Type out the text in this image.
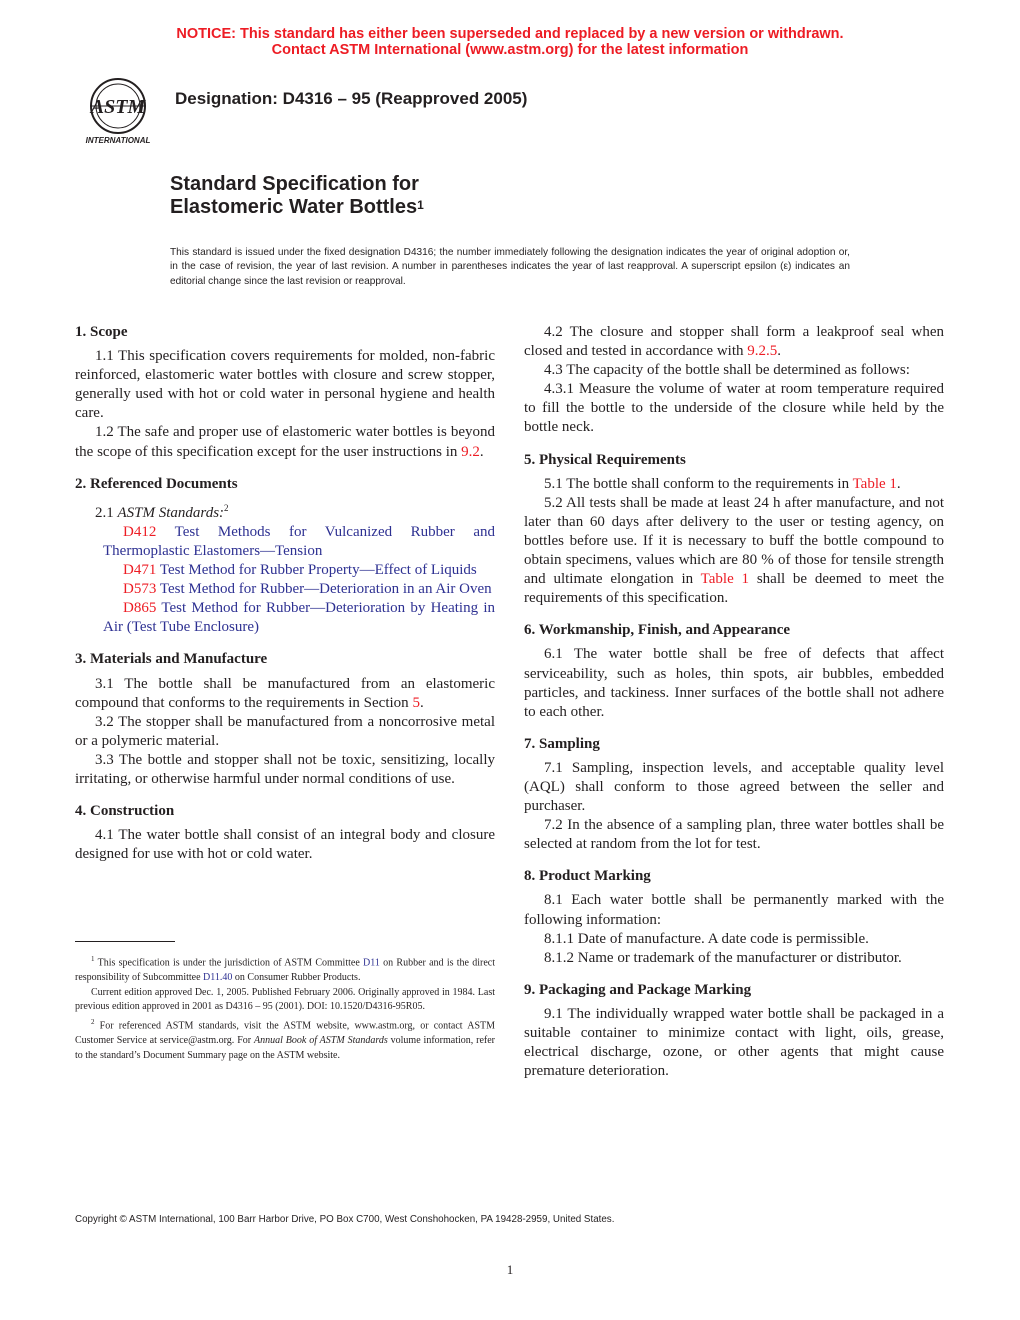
NOTICE: This standard has either been superseded and replaced by a new version or withdrawn.
Contact ASTM International (www.astm.org) for the latest information
ASTM
INTERNATIONAL
Designation: D4316 – 95 (Reapproved 2005)
Standard Specification for
Elastomeric Water Bottles$^1$
This standard is issued under the fixed designation D4316; the number immediately following the designation indicates the year of original adoption or, in the case of revision, the year of last revision. A number in parentheses indicates the year of last reapproval. A superscript epsilon (ε) indicates an editorial change since the last revision or reapproval.

1. Scope

1.1 This specification covers requirements for molded, non-fabric reinforced, elastomeric water bottles with closure and screw stopper, generally used with hot or cold water in personal hygiene and health care.

1.2 The safe and proper use of elastomeric water bottles is beyond the scope of this specification except for the user instructions in 9.2.

2. Referenced Documents

2.1 ASTM Standards:$^2$

D412 Test Methods for Vulcanized Rubber and Thermoplastic Elastomers—Tension

D471 Test Method for Rubber Property—Effect of Liquids

D573 Test Method for Rubber—Deterioration in an Air Oven

D865 Test Method for Rubber—Deterioration by Heating in Air (Test Tube Enclosure)

3. Materials and Manufacture

3.1 The bottle shall be manufactured from an elastomeric compound that conforms to the requirements in Section 5.

3.2 The stopper shall be manufactured from a noncorrosive metal or a polymeric material.

3.3 The bottle and stopper shall not be toxic, sensitizing, locally irritating, or otherwise harmful under normal conditions of use.

4. Construction

4.1 The water bottle shall consist of an integral body and closure designed for use with hot or cold water.

4.2 The closure and stopper shall form a leakproof seal when closed and tested in accordance with 9.2.5.

4.3 The capacity of the bottle shall be determined as follows:

4.3.1 Measure the volume of water at room temperature required to fill the bottle to the underside of the closure while held by the bottle neck.

5. Physical Requirements

5.1 The bottle shall conform to the requirements in Table 1.

5.2 All tests shall be made at least 24 h after manufacture, and not later than 60 days after delivery to the user or testing agency, on bottles before use. If it is necessary to buff the bottle compound to obtain specimens, values which are 80 % of those for tensile strength and ultimate elongation in Table 1 shall be deemed to meet the requirements of this specification.

6. Workmanship, Finish, and Appearance

6.1 The water bottle shall be free of defects that affect serviceability, such as holes, thin spots, air bubbles, embedded particles, and tackiness. Inner surfaces of the bottle shall not adhere to each other.

7. Sampling

7.1 Sampling, inspection levels, and acceptable quality level (AQL) shall conform to those agreed between the seller and purchaser.

7.2 In the absence of a sampling plan, three water bottles shall be selected at random from the lot for test.

8. Product Marking

8.1 Each water bottle shall be permanently marked with the following information:

8.1.1 Date of manufacture. A date code is permissible.

8.1.2 Name or trademark of the manufacturer or distributor.

9. Packaging and Package Marking

9.1 The individually wrapped water bottle shall be packaged in a suitable container to minimize contact with light, oils, grease, electrical discharge, ozone, or other agents that might cause premature deterioration.

$^1$ This specification is under the jurisdiction of ASTM Committee D11 on Rubber and is the direct responsibility of Subcommittee D11.40 on Consumer Rubber Products.

Current edition approved Dec. 1, 2005. Published February 2006. Originally approved in 1984. Last previous edition approved in 2001 as D4316 – 95 (2001). DOI: 10.1520/D4316-95R05.

$^2$ For referenced ASTM standards, visit the ASTM website, www.astm.org, or contact ASTM Customer Service at service@astm.org. For Annual Book of ASTM Standards volume information, refer to the standard’s Document Summary page on the ASTM website.

Copyright © ASTM International, 100 Barr Harbor Drive, PO Box C700, West Conshohocken, PA 19428-2959, United States.
1
